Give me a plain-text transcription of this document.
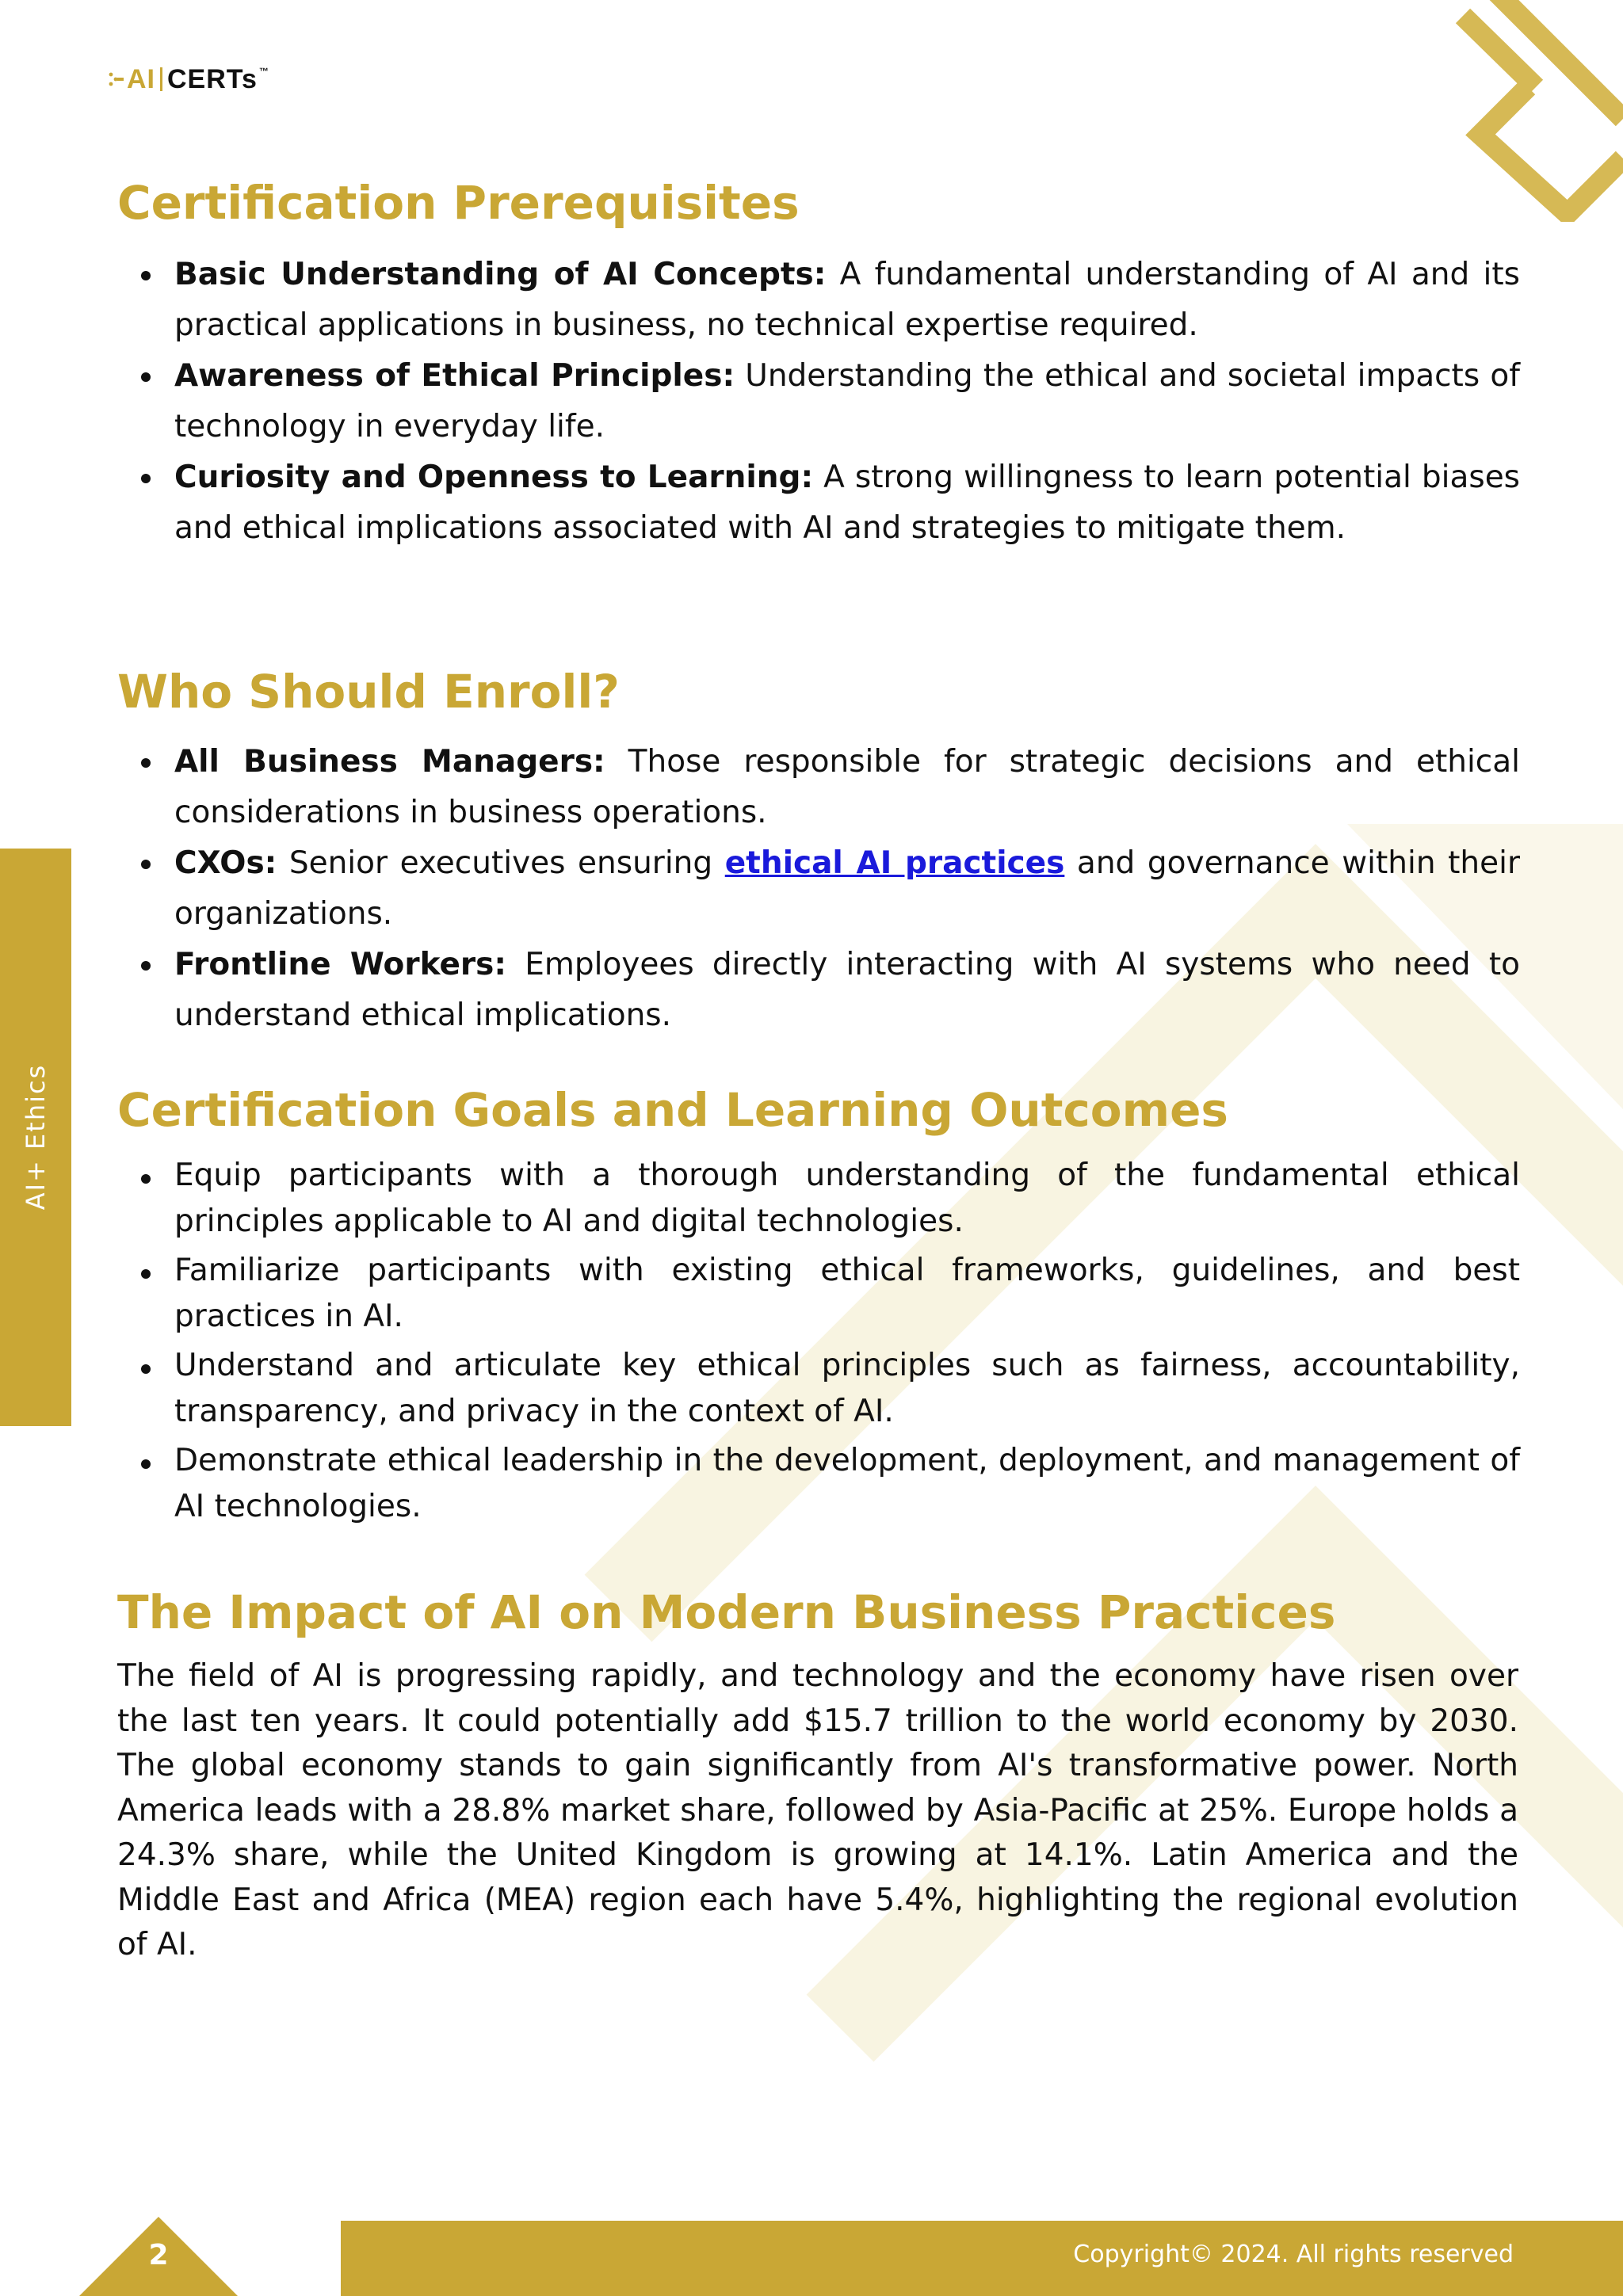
AI CERTs ™
AI+ Ethics
Certification Prerequisites
Basic Understanding of AI Concepts: A fundamental understanding of AI and its practical applications in business, no technical expertise required.
Awareness of Ethical Principles: Understanding the ethical and societal impacts of technology in everyday life.
Curiosity and Openness to Learning: A strong willingness to learn potential biases and ethical implications associated with AI and strategies to mitigate them.
Who Should Enroll?
All Business Managers: Those responsible for strategic decisions and ethical considerations in business operations.
CXOs: Senior executives ensuring ethical AI practices and governance within their organizations.
Frontline Workers: Employees directly interacting with AI systems who need to understand ethical implications.
Certification Goals and Learning Outcomes
Equip participants with a thorough understanding of the fundamental ethical principles applicable to AI and digital technologies.
Familiarize participants with existing ethical frameworks, guidelines, and best practices in AI.
Understand and articulate key ethical principles such as fairness, accountability, transparency, and privacy in the context of AI.
Demonstrate ethical leadership in the development, deployment, and management of AI technologies.
The Impact of AI on Modern Business Practices

The field of AI is progressing rapidly, and technology and the economy have risen over the last ten years. It could potentially add $15.7 trillion to the world economy by 2030. The global economy stands to gain significantly from AI's transformative power. North America leads with a 28.8% market share, followed by Asia-Pacific at 25%. Europe holds a 24.3% share, while the United Kingdom is growing at 14.1%. Latin America and the Middle East and Africa (MEA) region each have 5.4%, highlighting the regional evolution of AI.

2	Copyright© 2024. All rights reserved
